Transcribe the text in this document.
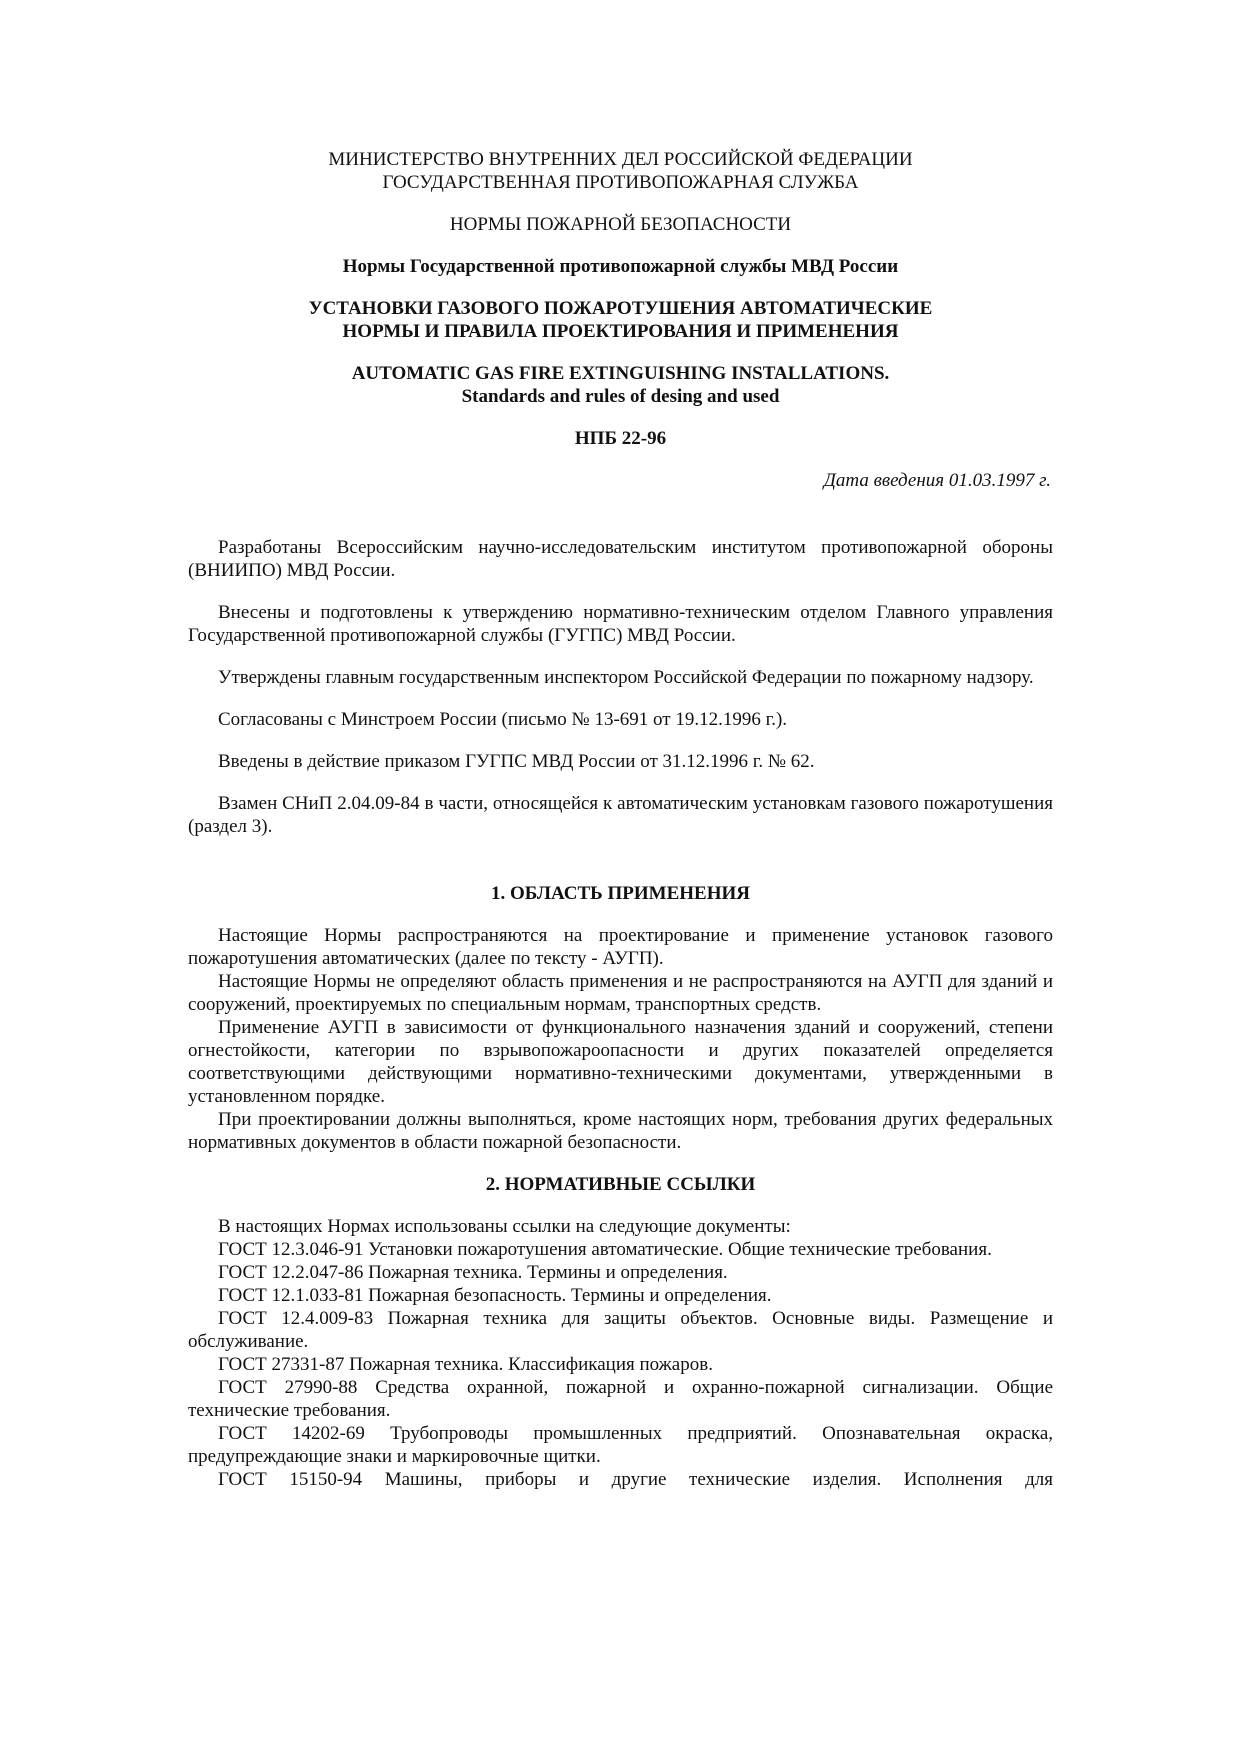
МИНИСТЕРСТВО ВНУТРЕННИХ ДЕЛ РОССИЙСКОЙ ФЕДЕРАЦИИ
ГОСУДАРСТВЕННАЯ ПРОТИВОПОЖАРНАЯ СЛУЖБА
НОРМЫ ПОЖАРНОЙ БЕЗОПАСНОСТИ
Нормы Государственной противопожарной службы МВД России
УСТАНОВКИ ГАЗОВОГО ПОЖАРОТУШЕНИЯ АВТОМАТИЧЕСКИЕ
НОРМЫ И ПРАВИЛА ПРОЕКТИРОВАНИЯ И ПРИМЕНЕНИЯ
AUTOMATIC GAS FIRE EXTINGUISHING INSTALLATIONS.
Standards and rules of desing and used
НПБ 22-96
Дата введения 01.03.1997 г.

Разработаны Всероссийским научно-исследовательским институтом противопожарной обороны (ВНИИПО) МВД России.

Внесены и подготовлены к утверждению нормативно-техническим отделом Главного управления Государственной противопожарной службы (ГУГПС) МВД России.

Утверждены главным государственным инспектором Российской Федерации по пожарному надзору.

Согласованы с Минстроем России (письмо № 13-691 от 19.12.1996 г.).

Введены в действие приказом ГУГПС МВД России от 31.12.1996 г. № 62.

Взамен СНиП 2.04.09-84 в части, относящейся к автоматическим установкам газового пожаротушения (раздел 3).

1. ОБЛАСТЬ ПРИМЕНЕНИЯ

Настоящие Нормы распространяются на проектирование и применение установок газового пожаротушения автоматических (далее по тексту - АУГП).

Настоящие Нормы не определяют область применения и не распространяются на АУГП для зданий и сооружений, проектируемых по специальным нормам, транспортных средств.

Применение АУГП в зависимости от функционального назначения зданий и сооружений, степени огнестойкости, категории по взрывопожароопасности и других показателей определяется соответствующими действующими нормативно-техническими документами, утвержденными в установленном порядке.

При проектировании должны выполняться, кроме настоящих норм, требования других федеральных нормативных документов в области пожарной безопасности.

2. НОРМАТИВНЫЕ ССЫЛКИ

В настоящих Нормах использованы ссылки на следующие документы:

ГОСТ 12.3.046-91 Установки пожаротушения автоматические. Общие технические требования.

ГОСТ 12.2.047-86 Пожарная техника. Термины и определения.

ГОСТ 12.1.033-81 Пожарная безопасность. Термины и определения.

ГОСТ 12.4.009-83 Пожарная техника для защиты объектов. Основные виды. Размещение и обслуживание.

ГОСТ 27331-87 Пожарная техника. Классификация пожаров.

ГОСТ 27990-88 Средства охранной, пожарной и охранно-пожарной сигнализации. Общие технические требования.

ГОСТ 14202-69 Трубопроводы промышленных предприятий. Опознавательная окраска, предупреждающие знаки и маркировочные щитки.

ГОСТ 15150-94 Машины, приборы и другие технические изделия. Исполнения для
